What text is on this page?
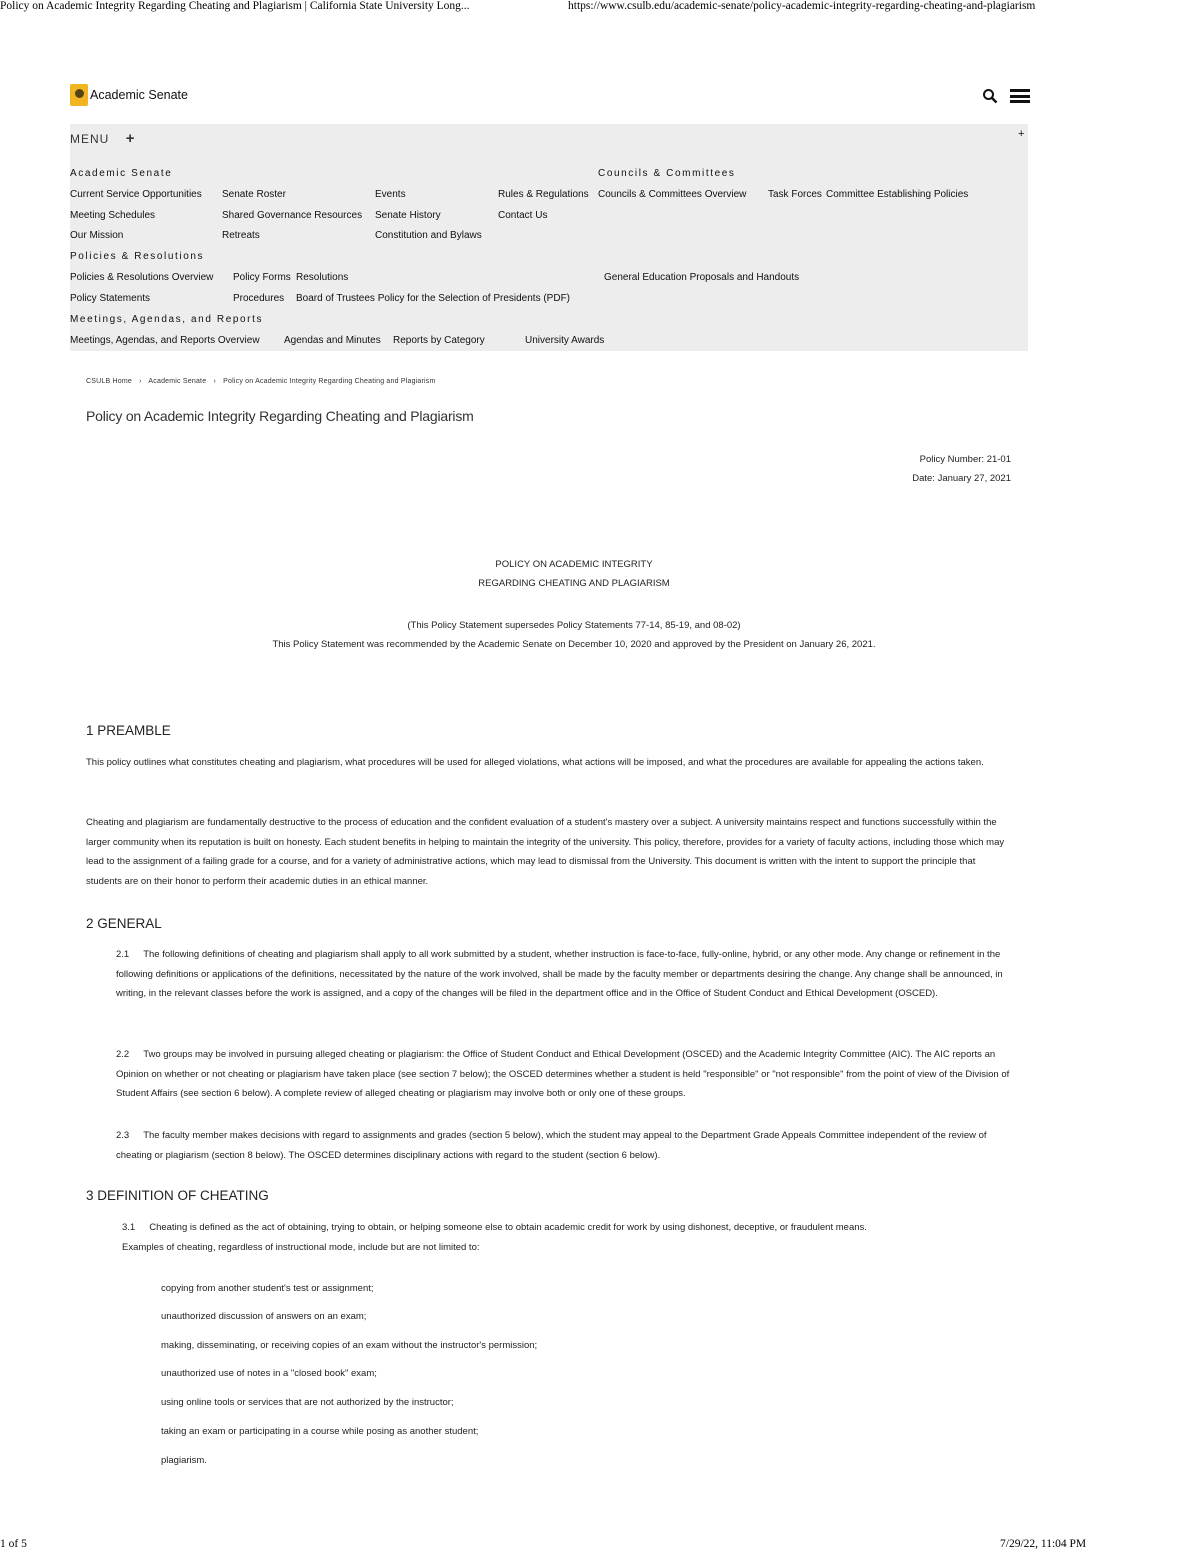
Policy on Academic Integrity Regarding Cheating and Plagiarism | California State University Long...	https://www.csulb.edu/academic-senate/policy-academic-integrity-regarding-cheating-and-plagiarism
Academic Senate
MENU +	+
Academic Senate	Councils & Committees
Current Service Opportunities Senate Roster	Events	Rules & Regulations Councils & Committees Overview Task Forces Committee Establishing Policies
Meeting Schedules	Shared Governance Resources Senate History	Contact Us
Our Mission	Retreats	Constitution and Bylaws
Policies & Resolutions
Policies & Resolutions Overview Policy Forms Resolutions	General Education Proposals and Handouts
Policy Statements	Procedures Board of Trustees Policy for the Selection of Presidents (PDF)
Meetings, Agendas, and Reports
Meetings, Agendas, and Reports Overview Agendas and Minutes Reports by Category	University Awards
CSULB Home › Academic Senate › Policy on Academic Integrity Regarding Cheating and Plagiarism
Policy on Academic Integrity Regarding Cheating and Plagiarism
Policy Number: 21-01
Date: January 27, 2021
POLICY ON ACADEMIC INTEGRITY
REGARDING CHEATING AND PLAGIARISM
(This Policy Statement supersedes Policy Statements 77-14, 85-19, and 08-02)
This Policy Statement was recommended by the Academic Senate on December 10, 2020 and approved by the President on January 26, 2021.
1 PREAMBLE
This policy outlines what constitutes cheating and plagiarism, what procedures will be used for alleged violations, what actions will be imposed, and what the procedures are available for appealing the actions taken.
Cheating and plagiarism are fundamentally destructive to the process of education and the confident evaluation of a student's mastery over a subject. A university maintains respect and functions successfully within the larger community when its reputation is built on honesty. Each student benefits in helping to maintain the integrity of the university. This policy, therefore, provides for a variety of faculty actions, including those which may lead to the assignment of a failing grade for a course, and for a variety of administrative actions, which may lead to dismissal from the University. This document is written with the intent to support the principle that students are on their honor to perform their academic duties in an ethical manner.
2 GENERAL
2.1 The following definitions of cheating and plagiarism shall apply to all work submitted by a student, whether instruction is face-to-face, fully-online, hybrid, or any other mode. Any change or refinement in the following definitions or applications of the definitions, necessitated by the nature of the work involved, shall be made by the faculty member or departments desiring the change. Any change shall be announced, in writing, in the relevant classes before the work is assigned, and a copy of the changes will be filed in the department office and in the Office of Student Conduct and Ethical Development (OSCED).
2.2 Two groups may be involved in pursuing alleged cheating or plagiarism: the Office of Student Conduct and Ethical Development (OSCED) and the Academic Integrity Committee (AIC). The AIC reports an Opinion on whether or not cheating or plagiarism have taken place (see section 7 below); the OSCED determines whether a student is held "responsible" or "not responsible" from the point of view of the Division of Student Affairs (see section 6 below). A complete review of alleged cheating or plagiarism may involve both or only one of these groups.
2.3 The faculty member makes decisions with regard to assignments and grades (section 5 below), which the student may appeal to the Department Grade Appeals Committee independent of the review of cheating or plagiarism (section 8 below). The OSCED determines disciplinary actions with regard to the student (section 6 below).
3 DEFINITION OF CHEATING
3.1 Cheating is defined as the act of obtaining, trying to obtain, or helping someone else to obtain academic credit for work by using dishonest, deceptive, or fraudulent means.
Examples of cheating, regardless of instructional mode, include but are not limited to:
copying from another student's test or assignment;
unauthorized discussion of answers on an exam;
making, disseminating, or receiving copies of an exam without the instructor's permission;
unauthorized use of notes in a "closed book" exam;
using online tools or services that are not authorized by the instructor;
taking an exam or participating in a course while posing as another student;
plagiarism.
1 of 5	7/29/22, 11:04 PM
